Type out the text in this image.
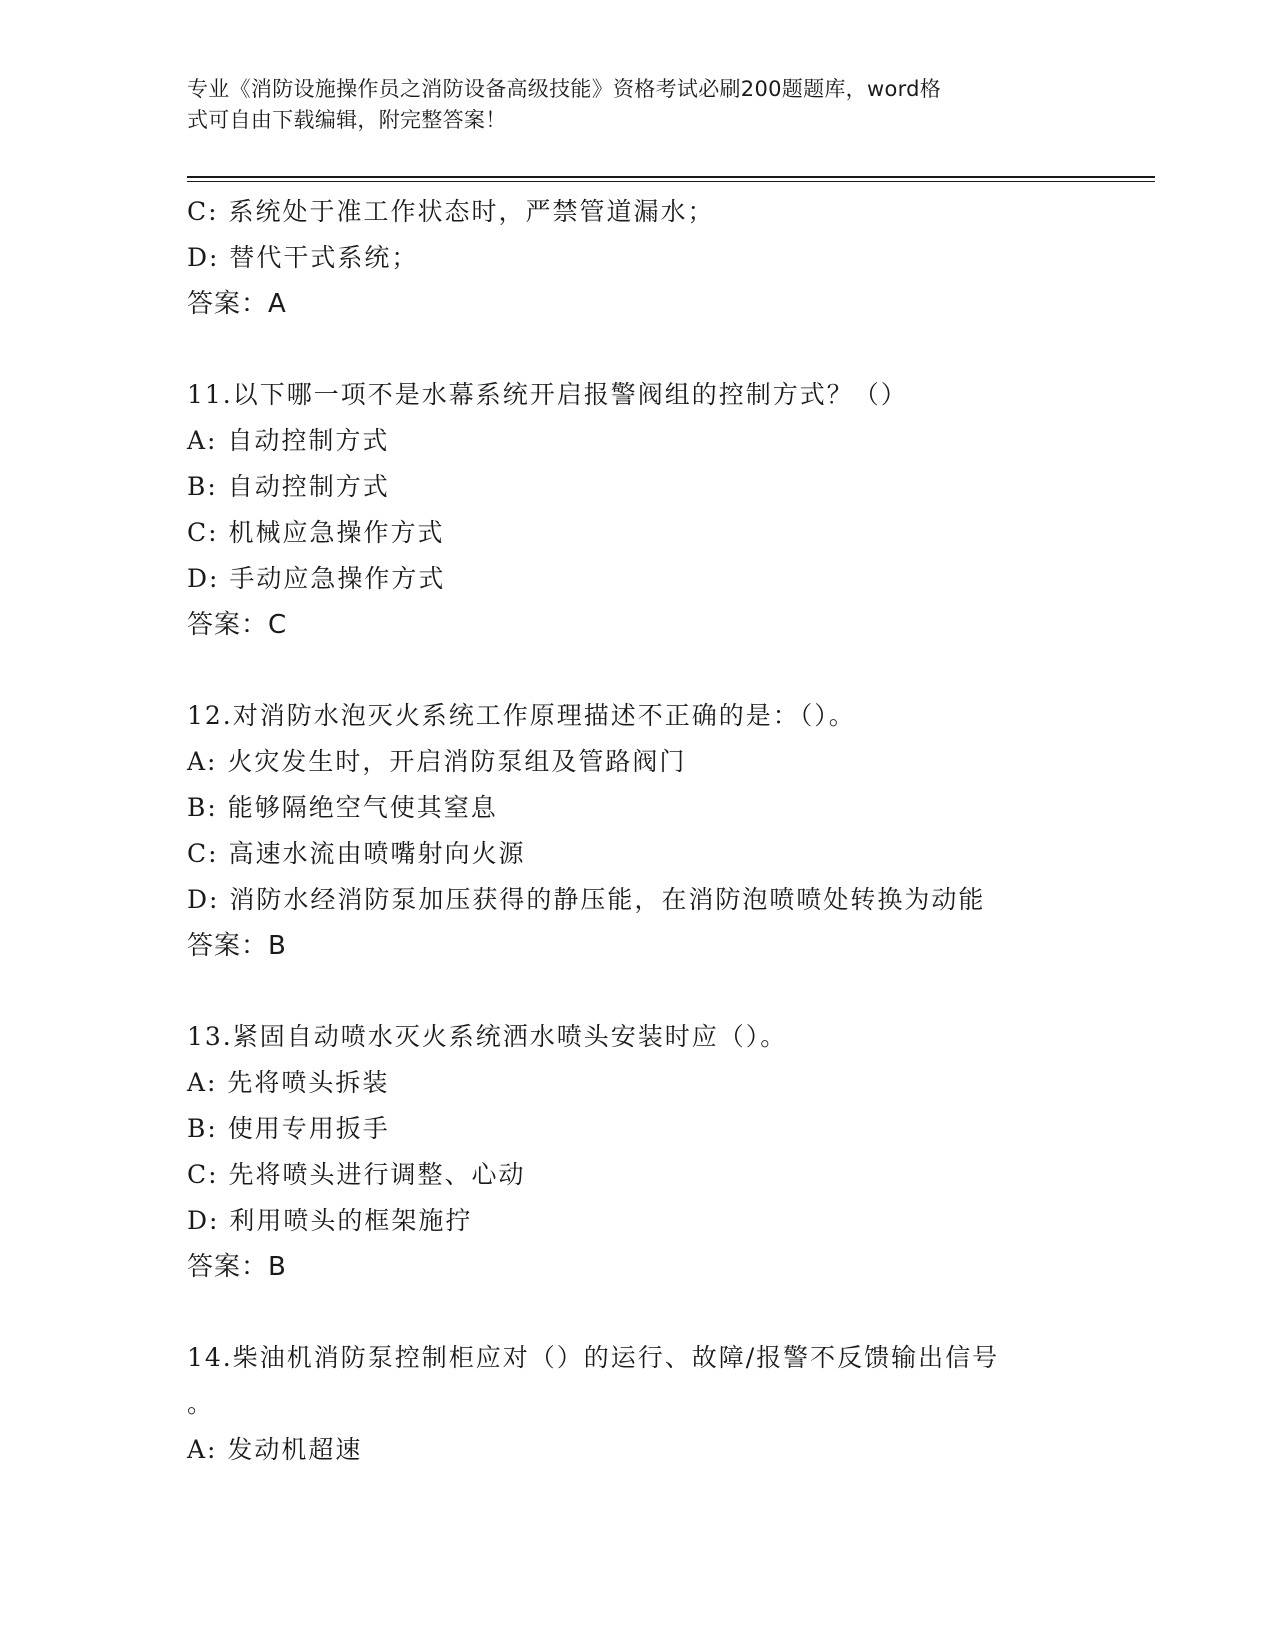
专业《消防设施操作员之消防设备高级技能》资格考试必刷200题题库，word格
式可自由下载编辑，附完整答案！
C: 系统处于准工作状态时，严禁管道漏水；
D: 替代干式系统；
答案：A
11.以下哪一项不是水幕系统开启报警阀组的控制方式？（）
A: 自动控制方式
B: 自动控制方式
C: 机械应急操作方式
D: 手动应急操作方式
答案：C
12.对消防水泡灭火系统工作原理描述不正确的是：（）。
A: 火灾发生时，开启消防泵组及管路阀门
B: 能够隔绝空气使其窒息
C: 高速水流由喷嘴射向火源
D: 消防水经消防泵加压获得的静压能，在消防泡喷喷处转换为动能
答案：B
13.紧固自动喷水灭火系统洒水喷头安装时应（）。
A: 先将喷头拆装
B: 使用专用扳手
C: 先将喷头进行调整、心动
D: 利用喷头的框架施拧
答案：B
14.柴油机消防泵控制柜应对（）的运行、故障/报警不反馈输出信号
。
A: 发动机超速
